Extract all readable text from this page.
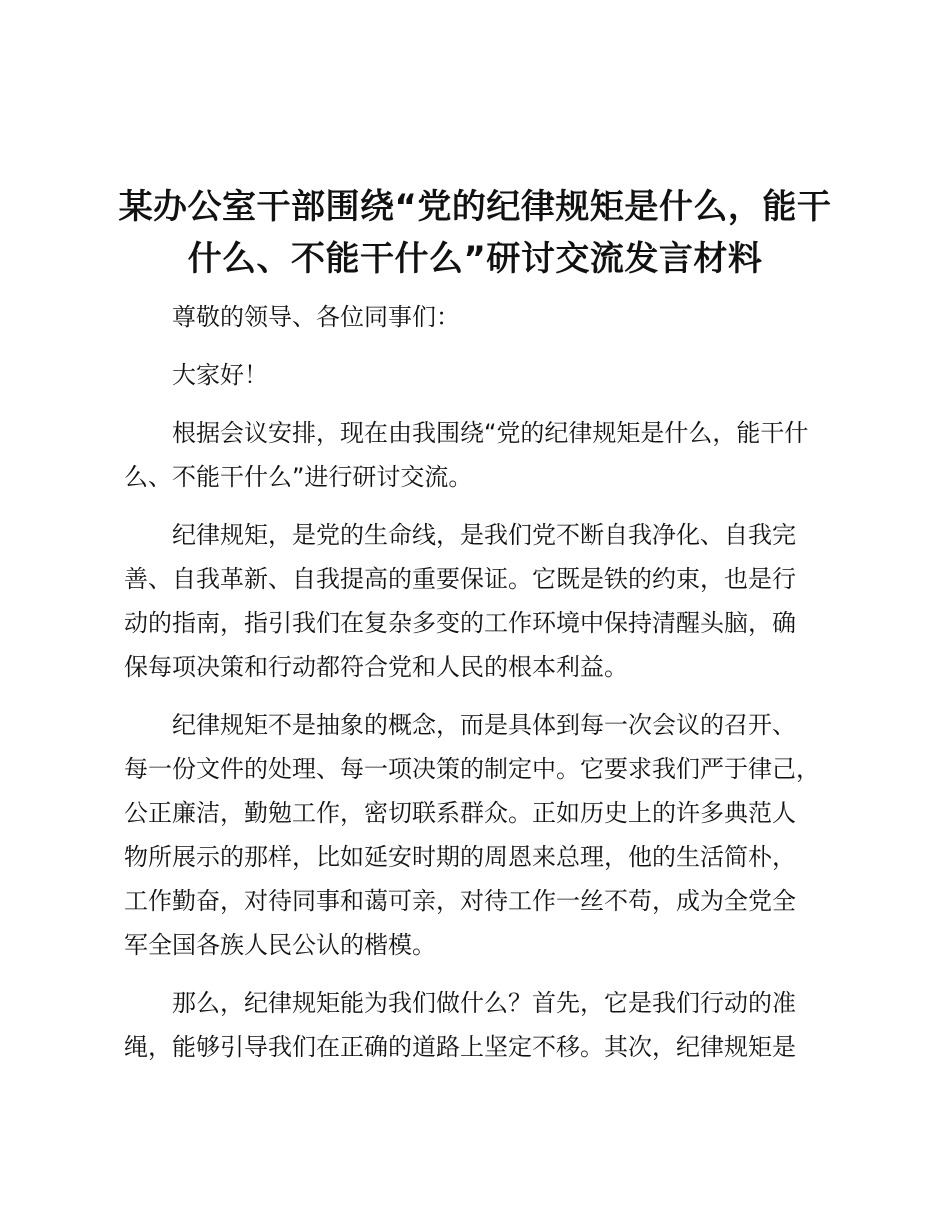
某办公室干部围绕“党的纪律规矩是什么，能干
什么、不能干什么”研讨交流发言材料

尊敬的领导、各位同事们：

大家好！

根据会议安排，现在由我围绕“党的纪律规矩是什么，能干什
么、不能干什么”进行研讨交流。

纪律规矩，是党的生命线，是我们党不断自我净化、自我完
善、自我革新、自我提高的重要保证。它既是铁的约束，也是行
动的指南，指引我们在复杂多变的工作环境中保持清醒头脑，确
保每项决策和行动都符合党和人民的根本利益。

纪律规矩不是抽象的概念，而是具体到每一次会议的召开、
每一份文件的处理、每一项决策的制定中。它要求我们严于律己，
公正廉洁，勤勉工作，密切联系群众。正如历史上的许多典范人
物所展示的那样，比如延安时期的周恩来总理，他的生活简朴，
工作勤奋，对待同事和蔼可亲，对待工作一丝不苟，成为全党全
军全国各族人民公认的楷模。

那么，纪律规矩能为我们做什么？首先，它是我们行动的准
绳，能够引导我们在正确的道路上坚定不移。其次，纪律规矩是
